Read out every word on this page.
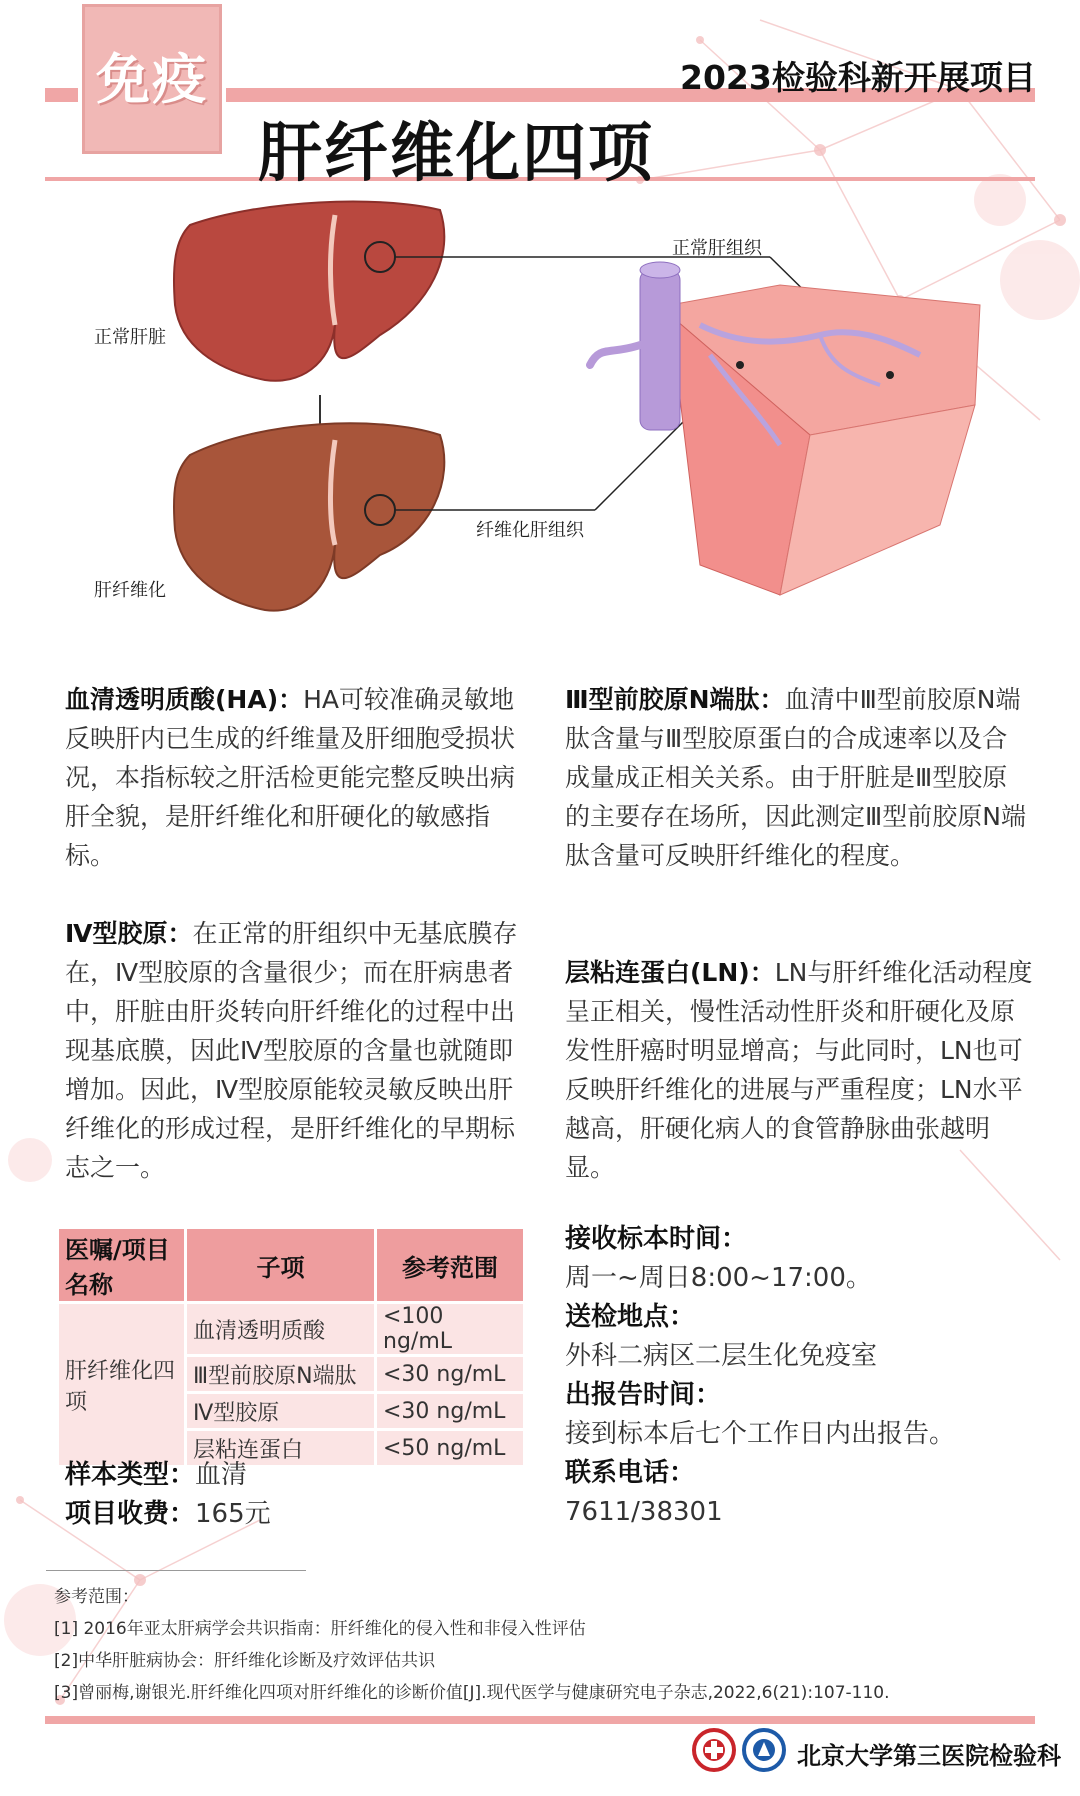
免疫	2023检验科新开展项目
肝纤维化四项
正常肝脏
肝纤维化
正常肝组织
纤维化肝组织
血清透明质酸(HA)：HA可较准确灵敏地反映肝内已生成的纤维量及肝细胞受损状况，本指标较之肝活检更能完整反映出病肝全貌，是肝纤维化和肝硬化的敏感指标。
Ⅳ型胶原：在正常的肝组织中无基底膜存在，Ⅳ型胶原的含量很少；而在肝病患者中，肝脏由肝炎转向肝纤维化的过程中出现基底膜，因此Ⅳ型胶原的含量也就随即增加。因此，Ⅳ型胶原能较灵敏反映出肝纤维化的形成过程，是肝纤维化的早期标志之一。
Ⅲ型前胶原N端肽：血清中Ⅲ型前胶原N端肽含量与Ⅲ型胶原蛋白的合成速率以及合成量成正相关关系。由于肝脏是Ⅲ型胶原的主要存在场所，因此测定Ⅲ型前胶原N端肽含量可反映肝纤维化的程度。
层粘连蛋白(LN)：LN与肝纤维化活动程度呈正相关，慢性活动性肝炎和肝硬化及原发性肝癌时明显增高；与此同时，LN也可反映肝纤维化的进展与严重程度；LN水平越高，肝硬化病人的食管静脉曲张越明显。
医嘱/项目名称	子项	参考范围
肝纤维化四项	血清透明质酸	<100 ng/mL
	Ⅲ型前胶原N端肽	<30 ng/mL
	Ⅳ型胶原	<30 ng/mL
	层粘连蛋白	<50 ng/mL
样本类型：血清
项目收费：165元
接收标本时间：
周一~周日8:00~17:00。
送检地点：
外科二病区二层生化免疫室
出报告时间：
接到标本后七个工作日内出报告。
联系电话：
7611/38301
参考范围：
[1] 2016年亚太肝病学会共识指南：肝纤维化的侵入性和非侵入性评估
[2]中华肝脏病协会：肝纤维化诊断及疗效评估共识
[3]曾丽梅,谢银光.肝纤维化四项对肝纤维化的诊断价值[J].现代医学与健康研究电子杂志,2022,6(21):107-110.
北京大学第三医院检验科
